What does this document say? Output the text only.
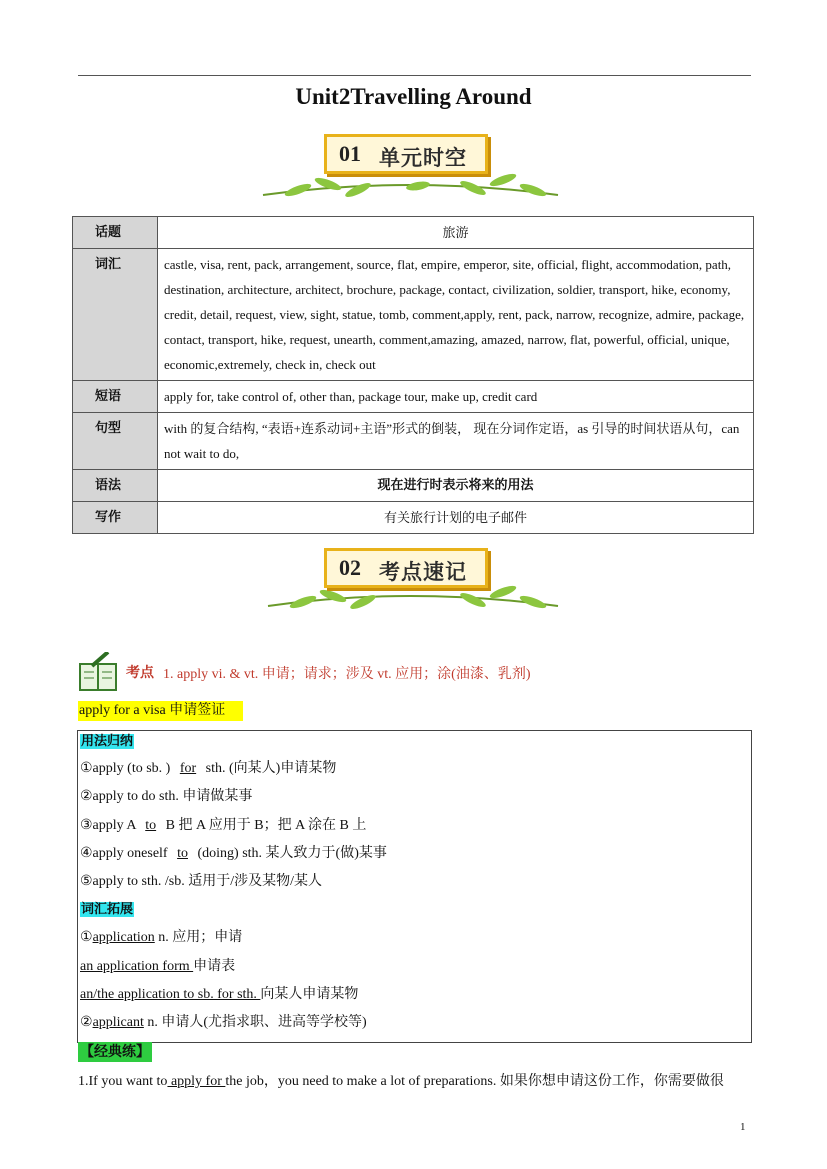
Unit2Travelling Around
01 单元时空
话题	旅游
词汇	castle, visa, rent, pack, arrangement, source, flat, empire, emperor, site, official, flight, accommodation, path, destination, architecture, architect, brochure, package, contact, civilization, soldier, transport, hike, economy, credit, detail, request, view, sight, statue, tomb, comment,apply, rent, pack, narrow, recognize, admire, package, contact, transport, hike, request, unearth, comment,amazing, amazed, narrow, flat, powerful, official, unique, economic,extremely, check in, check out
短语	apply for, take control of, other than, package tour, make up, credit card
句型	with 的复合结构, “表语+连系动词+主语”形式的倒装， 现在分词作定语，as 引导的时间状语从句，can not wait to do,
语法	现在进行时表示将来的用法
写作	有关旅行计划的电子邮件
02 考点速记
考点 1. apply vi. & vt. 申请；请求；涉及 vt. 应用；涂(油漆、乳剂)
apply for a visa 申请签证
用法归纳
①apply (to sb. ) for sth. (向某人)申请某物
②apply to do sth. 申请做某事
③apply A to B 把 A 应用于 B；把 A 涂在 B 上
④apply oneself to (doing) sth. 某人致力于(做)某事
⑤apply to sth. /sb. 适用于/涉及某物/某人
词汇拓展
①application n. 应用；申请
an application form 申请表
an/the application to sb. for sth. 向某人申请某物
②applicant n. 申请人(尤指求职、进高等学校等)
【经典练】
1.If you want to apply for the job，you need to make a lot of preparations. 如果你想申请这份工作，你需要做很
1
